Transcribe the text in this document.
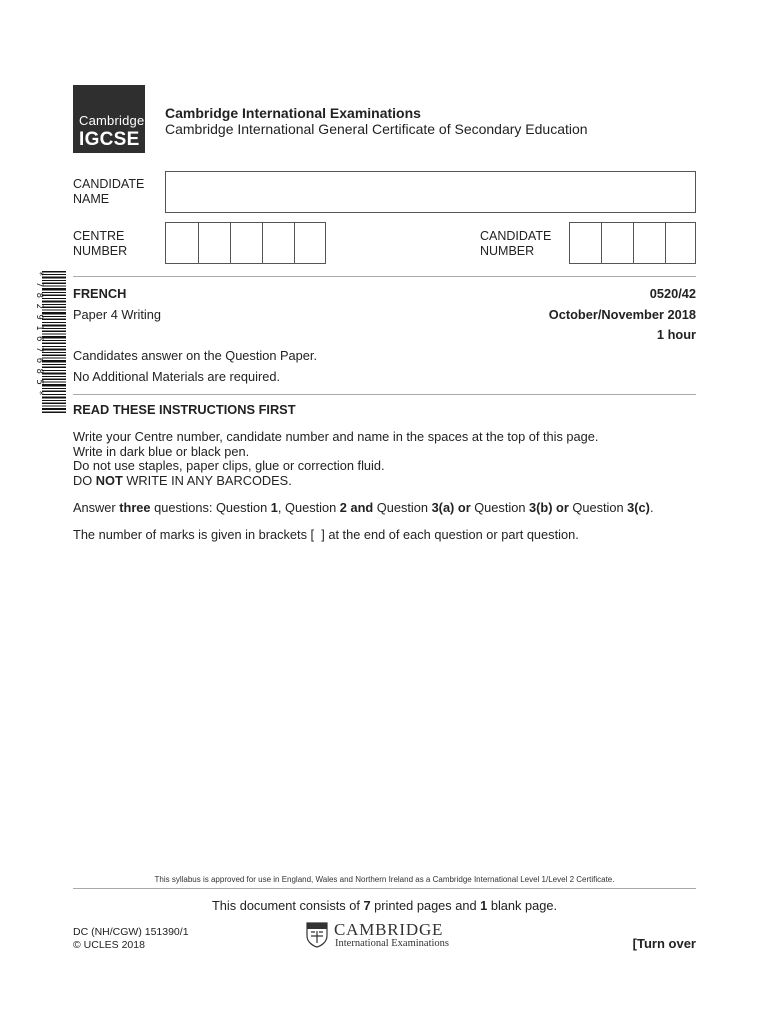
Cambridge
IGCSE
Cambridge International Examinations
Cambridge International General Certificate of Secondary Education
CANDIDATE
NAME
CENTRE
NUMBER
CANDIDATE
NUMBER
* 7 8 2 9 1 6 7 6 8 5 * FRENCH	0520/42
Paper 4 Writing	October/November 2018
1 hour
Candidates answer on the Question Paper.
No Additional Materials are required.
READ THESE INSTRUCTIONS FIRST
Write your Centre number, candidate number and name in the spaces at the top of this page.
Write in dark blue or black pen.
Do not use staples, paper clips, glue or correction fluid.
DO NOT WRITE IN ANY BARCODES.
Answer three questions: Question 1, Question 2 and Question 3(a) or Question 3(b) or Question 3(c).
The number of marks is given in brackets [  ] at the end of each question or part question.
This syllabus is approved for use in England, Wales and Northern Ireland as a Cambridge International Level 1/Level 2 Certificate.
This document consists of 7 printed pages and 1 blank page.
DC (NH/CGW) 151390/1
© UCLES 2018
CAMBRIDGE
International Examinations	[Turn over
